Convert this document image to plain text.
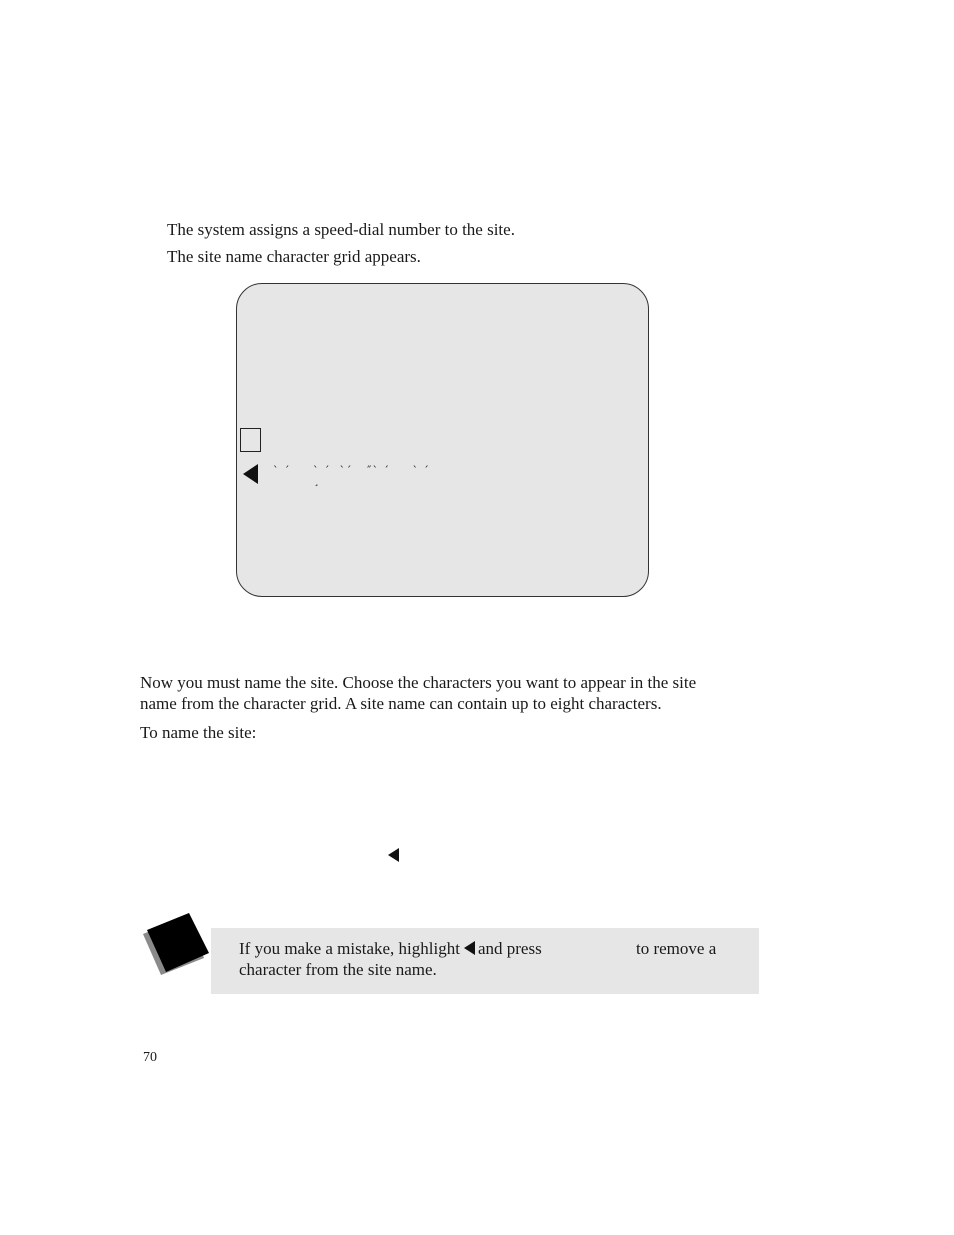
The system assigns a speed-dial number to the site.
The site name character grid appears.
` ´     ` ´  `´   ˝` ´     ` ´
¸
Now you must name the site. Choose the characters you want to appear in the site
name from the character grid. A site name can contain up to eight characters.
To name the site:
If you make a mistake, highlight and press	to remove a
character from the site name.
70
